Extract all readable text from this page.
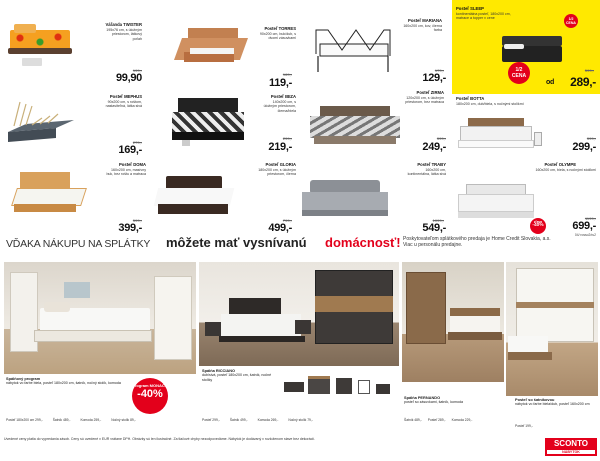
Váľanda TWISTER
195x76 cm, s úložným priestorom, látkový poťah
199,-
99,90
Posteľ TORRES
90x200 cm, buk/dub, s dvomi zásuvkami
169,-
119,-
Posteľ MARIANA
160x200 cm, kov, čierna farba
179,-
129,-
Posteľ SLEEP
kontinentálna posteľ, 180x200 cm, matrace a topper v cene
1/2 CENA
1/2 CENA
599,-
od	289,-
Posteľ MEPHUS
90x200 cm, s roštom, nastaviteľná, látka sivá
279,-
169,-
Posteľ IBIZA
140x200 cm, s úložným priestorom, čierna/biela
299,-
219,-
Posteľ ZIRMA
120x200 cm, s úložným priestorom, bez matraca
399,-
249,-
Posteľ BOTTA
180x200 cm, dub/biela, s nočnými stolíkmi
399,-
299,-
Posteľ DOMA
160x200 cm, masívny buk, bez roštu a matraca
599,-
399,-
Posteľ GLORIA
180x200 cm, s úložným priestorom, čierna
799,-
499,-
Posteľ TRABY
160x200 cm, kontinentálna, látka sivá
1099,-
549,-
Posteľ OLYMPE
160x200 cm, biela, s nočnými stolíkmi
zľava
-40%
1199,-
699,-
04/ rosso2/ru2
VĎAKA NÁKUPU NA SPLÁTKY môžete mať vysnívanú domácnosť! Poskytovateľom splátkového predaja je Home Credit Slovakia, a.s. Viac u personálu predajne.
Spálňový program
nábytok vo farbe biela, posteľ 180x200 cm, šatník, nočný stolík, komoda	Program MONACO
-40%
Posteľ 180x200 cm 299,-	Šatník 489,-	Komoda 259,-	Nočný stolík 89,-
Spálňa RICCIANO
dub/sivá, posteľ 180x200 cm, šatník, nočné stolíky
Posteľ 299,-	Šatník 499,-	Komoda 269,-	Nočný stolík 79,-
Spálňa PERNANDO
posteľ so zásuvkami, šatník, komoda
Šatník 489,- Posteľ 289,- Komoda 229,-
Posteľ so šatníkovou
nábytok vo farbe biela/dub, posteľ 160x200 cm
Posteľ 199,-
Uvedené ceny platia do vypredania zásob. Ceny sú uvedené v EUR vrátane DPH. Obrázky sú len ilustračné. Za tlačové chyby nezodpovedáme. Nábytok je dodávaný v rozloženom stave bez dekorácií.	SCONTO
NÁBYTOK
